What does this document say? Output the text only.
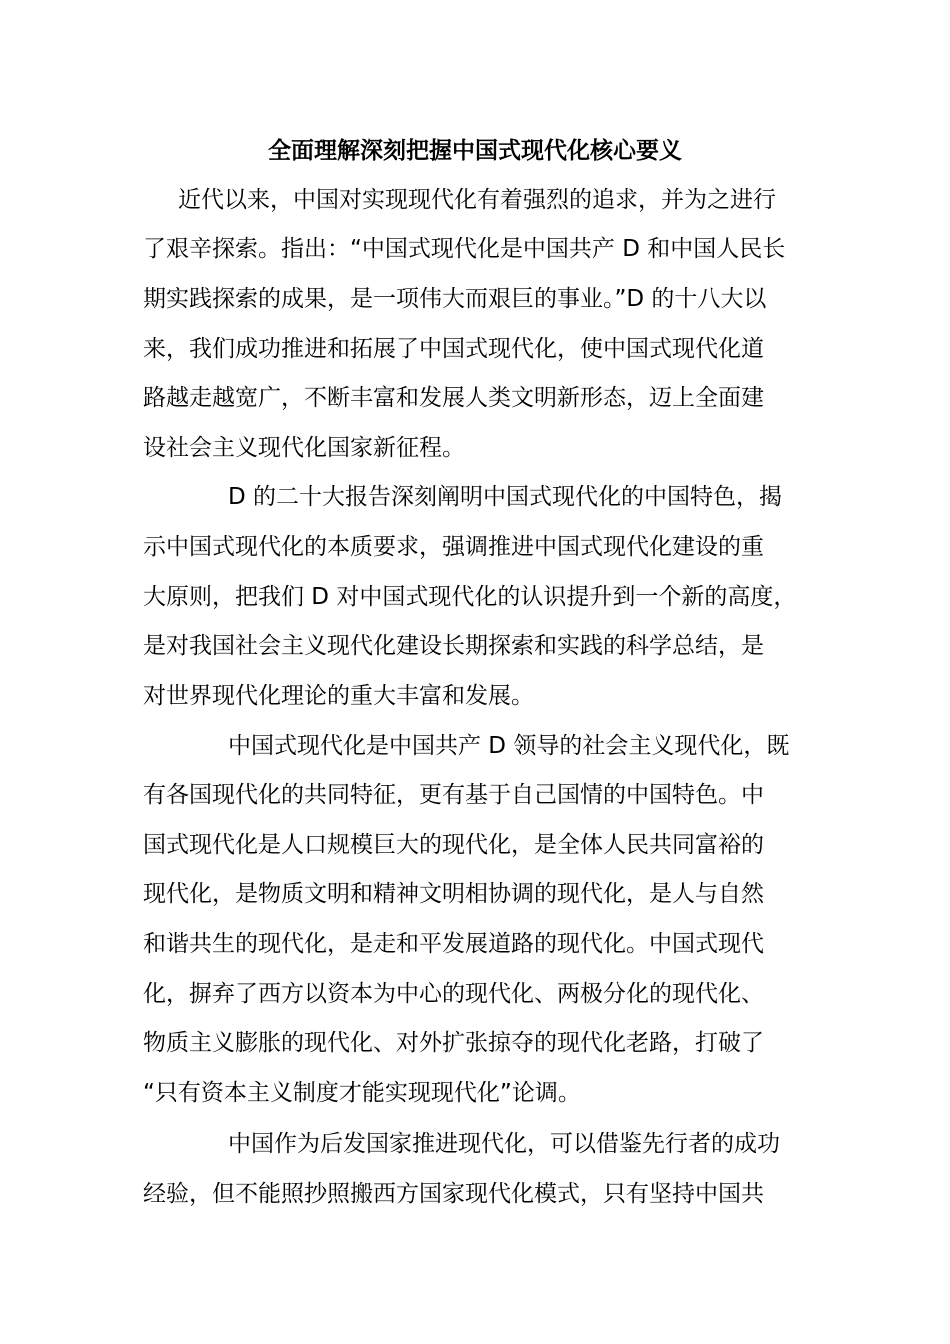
全面理解深刻把握中国式现代化核心要义
近代以来，中国对实现现代化有着强烈的追求，并为之进行
了艰辛探索。指出：“中国式现代化是中国共产 D 和中国人民长
期实践探索的成果，是一项伟大而艰巨的事业。”D 的十八大以
来，我们成功推进和拓展了中国式现代化，使中国式现代化道
路越走越宽广，不断丰富和发展人类文明新形态，迈上全面建
设社会主义现代化国家新征程。
D 的二十大报告深刻阐明中国式现代化的中国特色，揭
示中国式现代化的本质要求，强调推进中国式现代化建设的重
大原则，把我们 D 对中国式现代化的认识提升到一个新的高度，
是对我国社会主义现代化建设长期探索和实践的科学总结，是
对世界现代化理论的重大丰富和发展。
中国式现代化是中国共产 D 领导的社会主义现代化，既
有各国现代化的共同特征，更有基于自己国情的中国特色。中
国式现代化是人口规模巨大的现代化，是全体人民共同富裕的
现代化，是物质文明和精神文明相协调的现代化，是人与自然
和谐共生的现代化，是走和平发展道路的现代化。中国式现代
化，摒弃了西方以资本为中心的现代化、两极分化的现代化、
物质主义膨胀的现代化、对外扩张掠夺的现代化老路，打破了
“只有资本主义制度才能实现现代化”论调。
中国作为后发国家推进现代化，可以借鉴先行者的成功
经验，但不能照抄照搬西方国家现代化模式，只有坚持中国共
